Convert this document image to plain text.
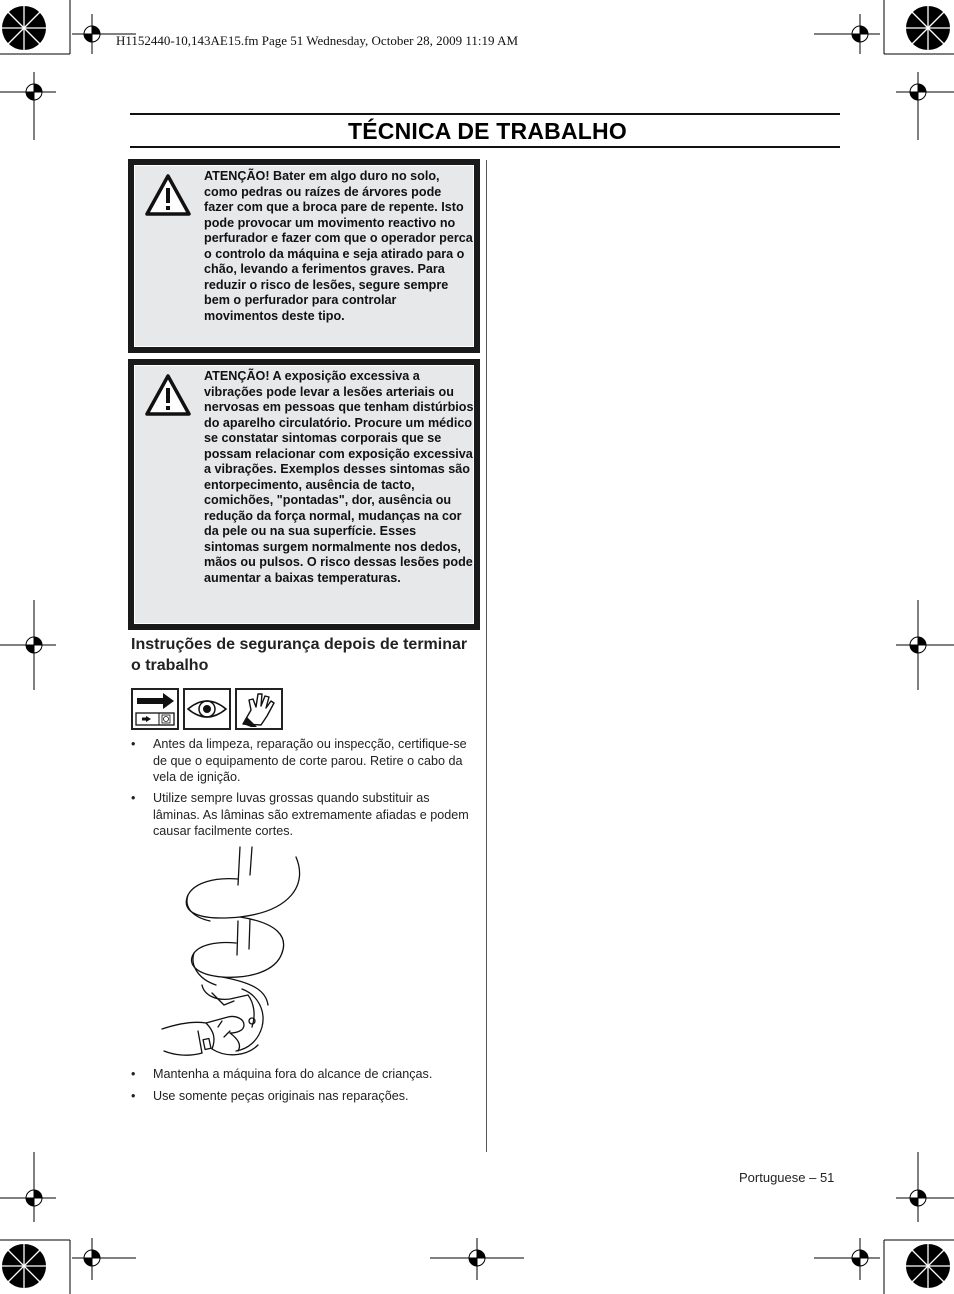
H1152440-10,143AE15.fm Page 51 Wednesday, October 28, 2009 11:19 AM
TÉCNICA DE TRABALHO
ATENÇÃO! Bater em algo duro no solo, como pedras ou raízes de árvores pode fazer com que a broca pare de repente. Isto pode provocar um movimento reactivo no perfurador e fazer com que o operador perca o controlo da máquina e seja atirado para o chão, levando a ferimentos graves. Para reduzir o risco de lesões, segure sempre bem o perfurador para controlar movimentos deste tipo.
ATENÇÃO! A exposição excessiva a vibrações pode levar a lesões arteriais ou nervosas em pessoas que tenham distúrbios do aparelho circulatório. Procure um médico se constatar sintomas corporais que se possam relacionar com exposição excessiva a vibrações. Exemplos desses sintomas são entorpecimento, ausência de tacto, comichões, "pontadas", dor, ausência ou redução da força normal, mudanças na cor da pele ou na sua superfície. Esses sintomas surgem normalmente nos dedos, mãos ou pulsos. O risco dessas lesões pode aumentar a baixas temperaturas.
Instruções de segurança depois de terminar o trabalho
• Antes da limpeza, reparação ou inspecção, certifique-se de que o equipamento de corte parou. Retire o cabo da vela de ignição.
• Utilize sempre luvas grossas quando substituir as lâminas. As lâminas são extremamente afiadas e podem causar facilmente cortes.
• Mantenha a máquina fora do alcance de crianças.
• Use somente peças originais nas reparações.
Portuguese – 51
